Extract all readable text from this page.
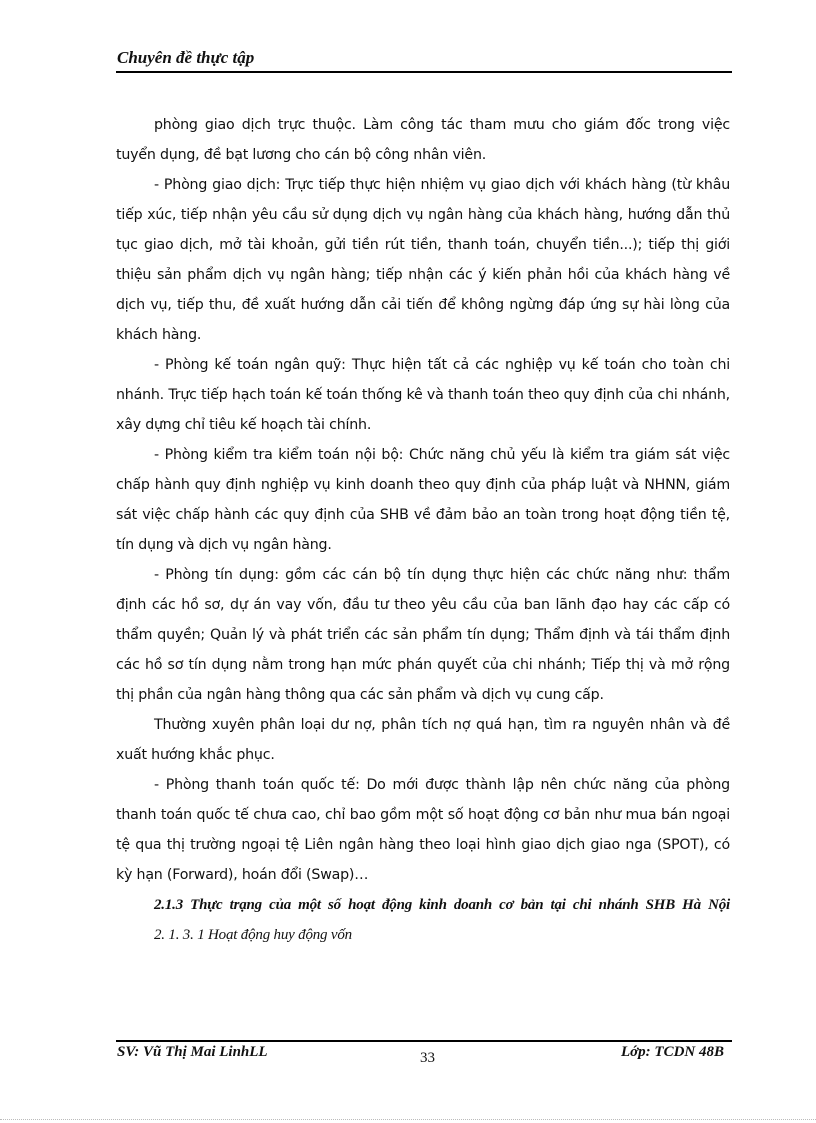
Chuyên đề thực tập

phòng giao dịch trực thuộc. Làm công tác tham mưu cho giám đốc trong việc tuyển dụng, đề bạt lương cho cán bộ công nhân viên.

- Phòng giao dịch: Trực tiếp thực hiện nhiệm vụ giao dịch với khách hàng (từ khâu tiếp xúc, tiếp nhận yêu cầu sử dụng dịch vụ ngân hàng của khách hàng, hướng dẫn thủ tục giao dịch, mở tài khoản, gửi tiền rút tiền, thanh toán, chuyển tiền...); tiếp thị giới thiệu sản phẩm dịch vụ ngân hàng; tiếp nhận các ý kiến phản hồi của khách hàng về dịch vụ, tiếp thu, đề xuất hướng dẫn cải tiến để không ngừng đáp ứng sự hài lòng của khách hàng.

- Phòng kế toán ngân quỹ: Thực hiện tất cả các nghiệp vụ kế toán cho toàn chi nhánh. Trực tiếp hạch toán kế toán thống kê và thanh toán theo quy định của chi nhánh, xây dựng chỉ tiêu kế hoạch tài chính.

- Phòng kiểm tra kiểm toán nội bộ: Chức năng chủ yếu là kiểm tra giám sát việc chấp hành quy định nghiệp vụ kinh doanh theo quy định của pháp luật và NHNN, giám sát việc chấp hành các quy định của SHB về đảm bảo an toàn trong hoạt động tiền tệ, tín dụng và dịch vụ ngân hàng.

- Phòng tín dụng: gồm các cán bộ tín dụng thực hiện các chức năng như: thẩm định các hồ sơ, dự án vay vốn, đầu tư theo yêu cầu của ban lãnh đạo hay các cấp có thẩm quyền; Quản lý và phát triển các sản phẩm tín dụng; Thẩm định và tái thẩm định các hồ sơ tín dụng nằm trong hạn mức phán quyết của chi nhánh; Tiếp thị và mở rộng thị phần của ngân hàng thông qua các sản phẩm và dịch vụ cung cấp.

Thường xuyên phân loại dư nợ, phân tích nợ quá hạn, tìm ra nguyên nhân và đề xuất hướng khắc phục.

- Phòng thanh toán quốc tế: Do mới được thành lập nên chức năng của phòng thanh toán quốc tế chưa cao, chỉ bao gồm một số hoạt động cơ bản như mua bán ngoại tệ qua thị trường ngoại tệ Liên ngân hàng theo loại hình giao dịch giao nga (SPOT), có kỳ hạn (Forward), hoán đổi (Swap)…

2.1.3 Thực trạng của một số hoạt động kinh doanh cơ bản tại chi nhánh SHB Hà Nội

2. 1. 3. 1 Hoạt động huy động vốn

SV: Vũ Thị Mai LinhLL	33	Lớp: TCDN 48B
